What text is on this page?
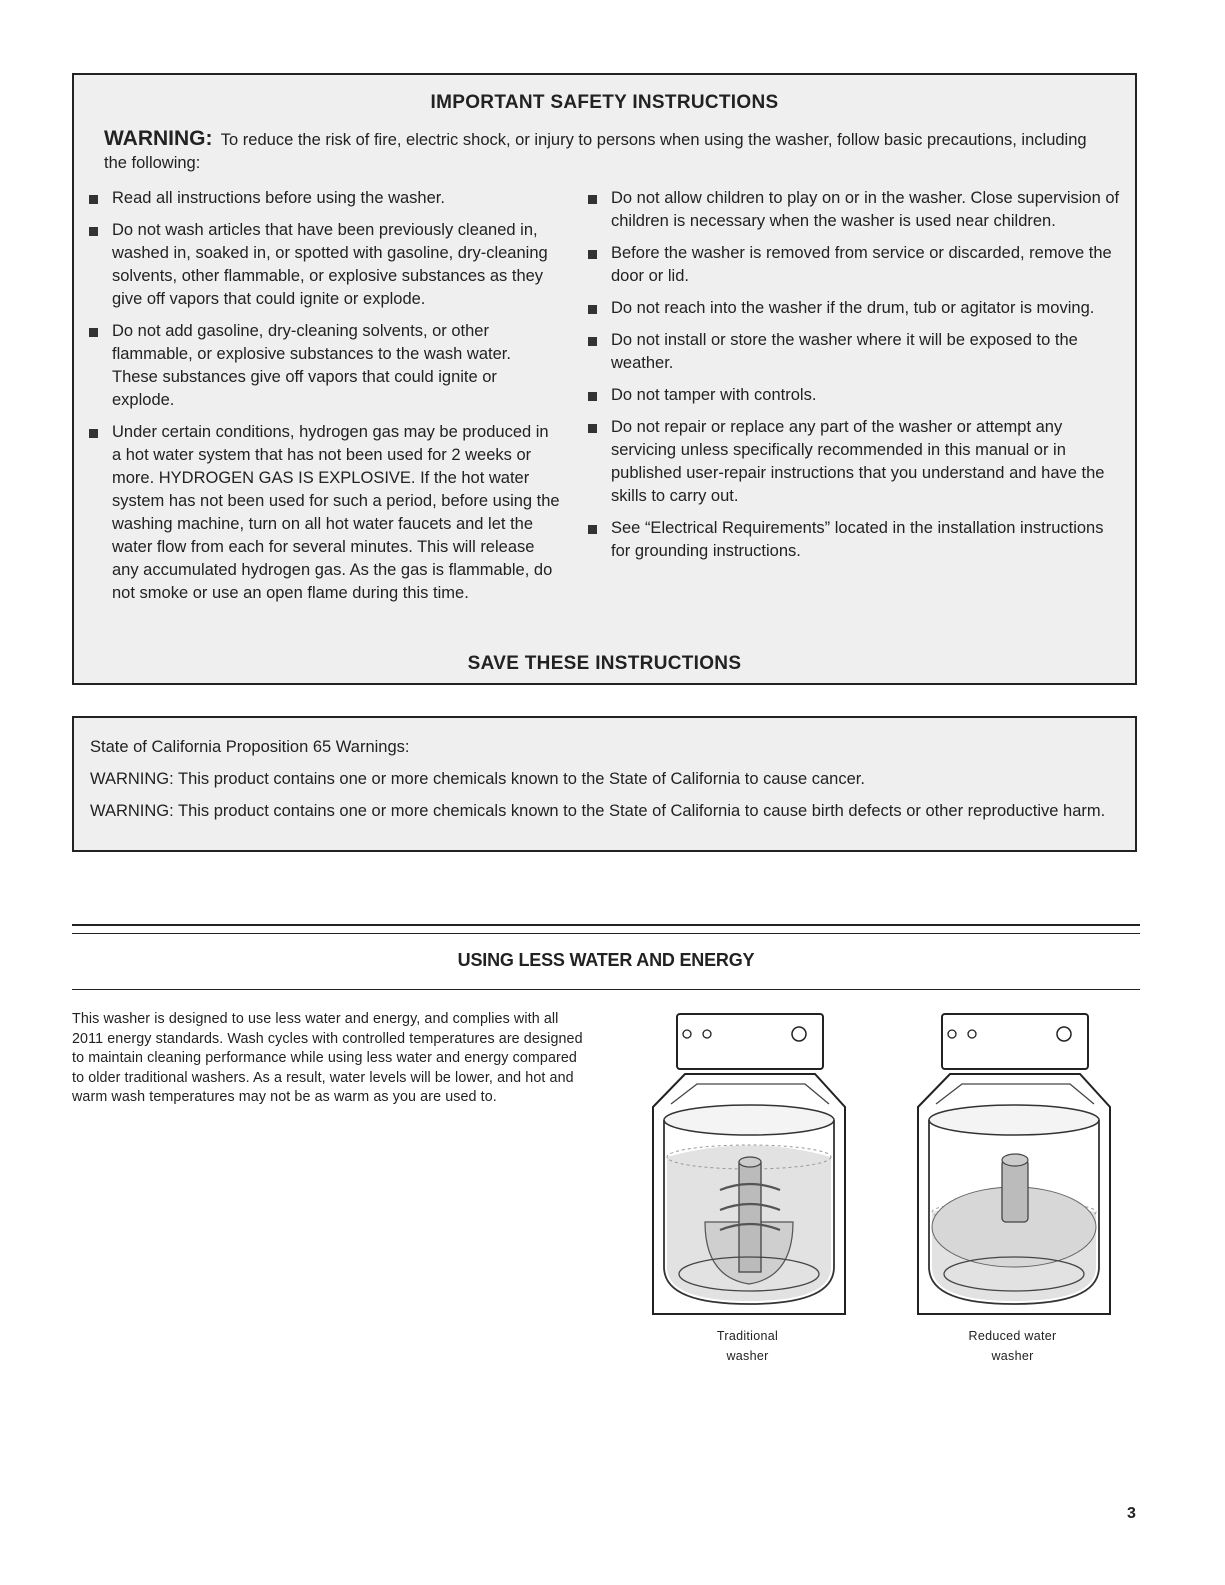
IMPORTANT SAFETY INSTRUCTIONS
WARNING: To reduce the risk of fire, electric shock, or injury to persons when using the washer, follow basic precautions, including the following:
Read all instructions before using the washer.
Do not wash articles that have been previously cleaned in, washed in, soaked in, or spotted with gasoline, dry-cleaning solvents, other flammable, or explosive substances as they give off vapors that could ignite or explode.
Do not add gasoline, dry-cleaning solvents, or other flammable, or explosive substances to the wash water. These substances give off vapors that could ignite or explode.
Under certain conditions, hydrogen gas may be produced in a hot water system that has not been used for 2 weeks or more. HYDROGEN GAS IS EXPLOSIVE. If the hot water system has not been used for such a period, before using the washing machine, turn on all hot water faucets and let the water flow from each for several minutes. This will release any accumulated hydrogen gas. As the gas is flammable, do not smoke or use an open flame during this time.
Do not allow children to play on or in the washer. Close supervision of children is necessary when the washer is used near children.
Before the washer is removed from service or discarded, remove the door or lid.
Do not reach into the washer if the drum, tub or agitator is moving.
Do not install or store the washer where it will be exposed to the weather.
Do not tamper with controls.
Do not repair or replace any part of the washer or attempt any servicing unless specifically recommended in this manual or in published user-repair instructions that you understand and have the skills to carry out.
See “Electrical Requirements” located in the installation instructions for grounding instructions.
SAVE THESE INSTRUCTIONS

State of California Proposition 65 Warnings:

WARNING: This product contains one or more chemicals known to the State of California to cause cancer.

WARNING: This product contains one or more chemicals known to the State of California to cause birth defects or other reproductive harm.

USING LESS WATER AND ENERGY
This washer is designed to use less water and energy, and complies with all 2011 energy standards. Wash cycles with controlled temperatures are designed to maintain cleaning performance while using less water and energy compared to older traditional washers. As a result, water levels will be lower, and hot and warm wash temperatures may not be as warm as you are used to.
Traditional
washer
Reduced water
washer
3
